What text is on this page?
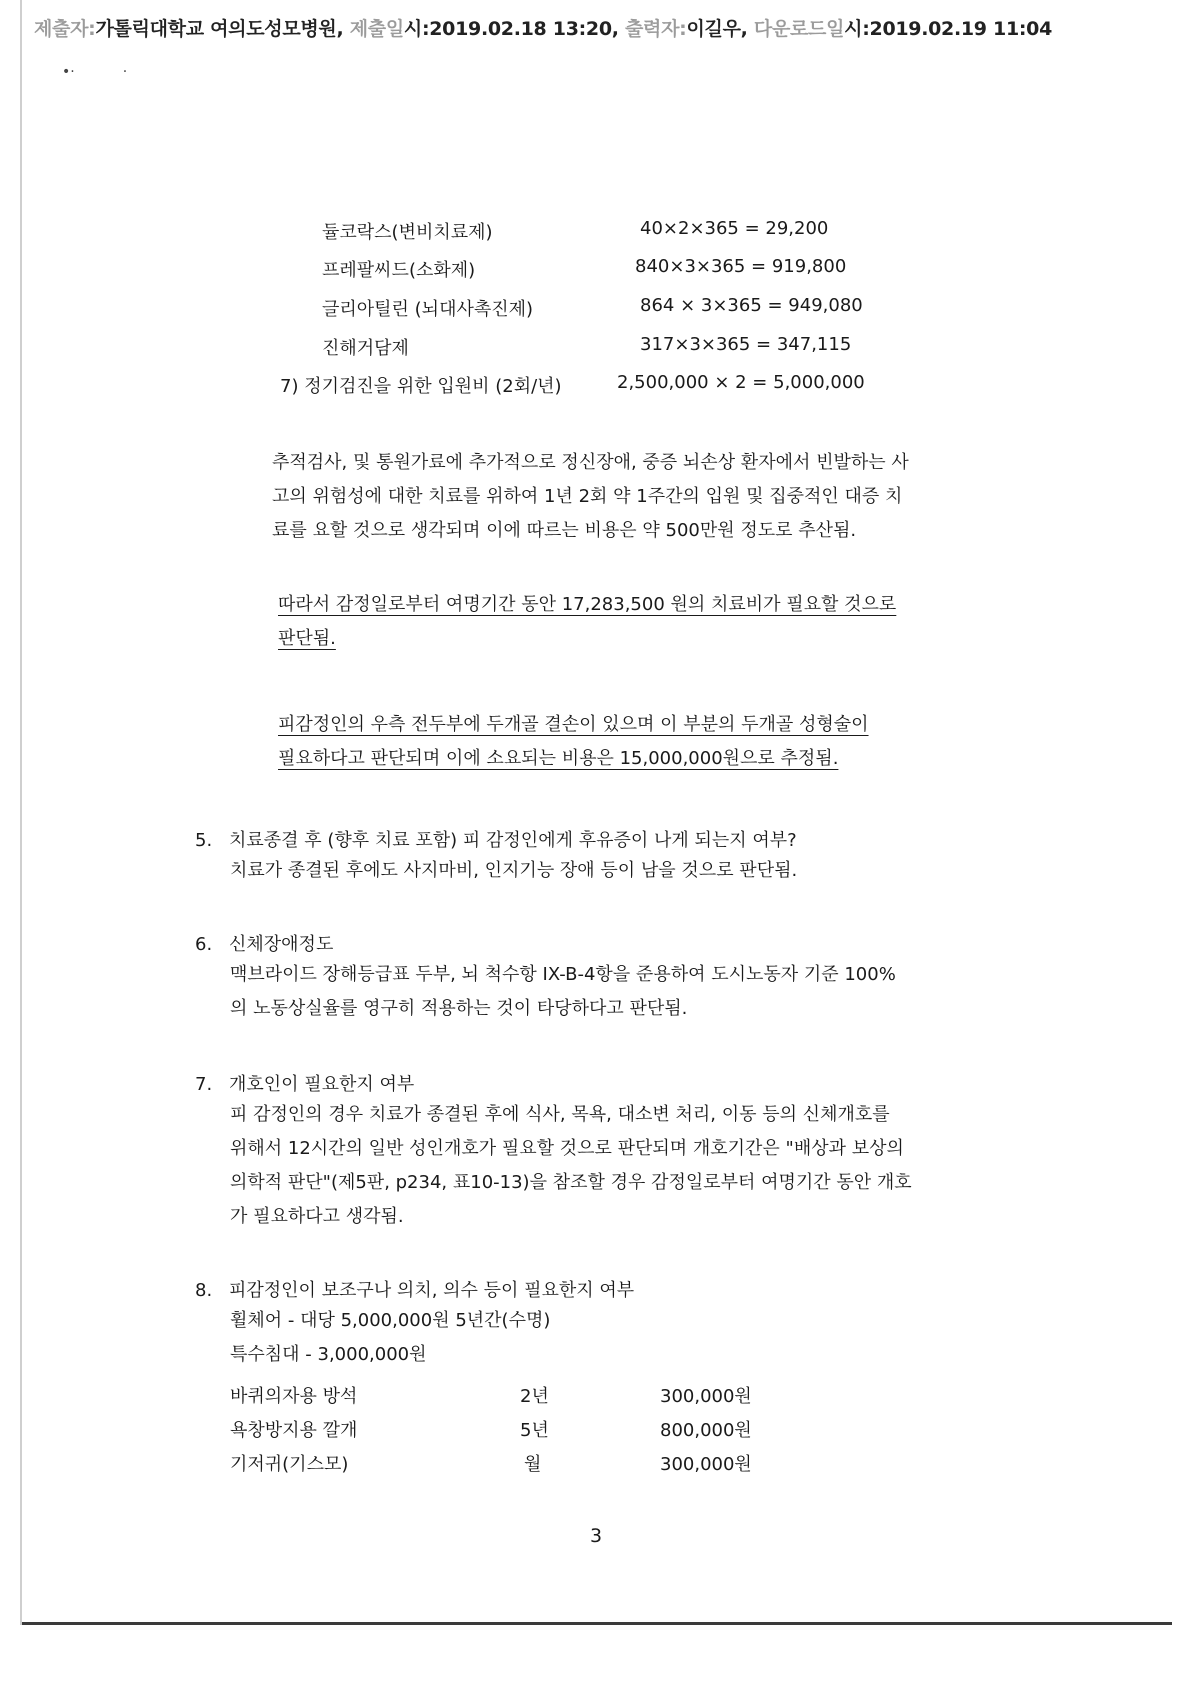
제출자:가톨릭대학교 여의도성모병원, 제출일시:2019.02.18 13:20, 출력자:이길우, 다운로드일시:2019.02.19 11:04
•·	·
듈코락스(변비치료제)	40×2×365 = 29,200
프레팔씨드(소화제)	840×3×365 = 919,800
글리아틸린 (뇌대사촉진제)	864 × 3×365 = 949,080
진해거담제	317×3×365 = 347,115
7) 정기검진을 위한 입원비 (2회/년)	2,500,000 × 2 = 5,000,000

추적검사, 및 통원가료에 추가적으로 정신장애, 중증 뇌손상 환자에서 빈발하는 사

고의 위험성에 대한 치료를 위하여 1년 2회 약 1주간의 입원 및 집중적인 대증 치

료를 요할 것으로 생각되며 이에 따르는 비용은 약 500만원 정도로 추산됨.

따라서 감정일로부터 여명기간 동안 17,283,500 원의 치료비가 필요할 것으로

판단됨.

피감정인의 우측 전두부에 두개골 결손이 있으며 이 부분의 두개골 성형술이

필요하다고 판단되며 이에 소요되는 비용은 15,000,000원으로 추정됨.

5. 치료종결 후 (향후 치료 포함) 피 감정인에게 후유증이 나게 되는지 여부?

치료가 종결된 후에도 사지마비, 인지기능 장애 등이 남을 것으로 판단됨.

6. 신체장애정도

맥브라이드 장해등급표 두부, 뇌 척수항 IX-B-4항을 준용하여 도시노동자 기준 100%

의 노동상실율를 영구히 적용하는 것이 타당하다고 판단됨.

7. 개호인이 필요한지 여부

피 감정인의 경우 치료가 종결된 후에 식사, 목욕, 대소변 처리, 이동 등의 신체개호를

위해서 12시간의 일반 성인개호가 필요할 것으로 판단되며 개호기간은 "배상과 보상의

의학적 판단"(제5판, p234, 표10-13)을 참조할 경우 감정일로부터 여명기간 동안 개호

가 필요하다고 생각됨.

8. 피감정인이 보조구나 의치, 의수 등이 필요한지 여부

휠체어 - 대당 5,000,000원 5년간(수명)

특수침대 - 3,000,000원

바퀴의자용 방석	2년	300,000원
욕창방지용 깔개	5년	800,000원
기저귀(기스모)	월	300,000원
3
